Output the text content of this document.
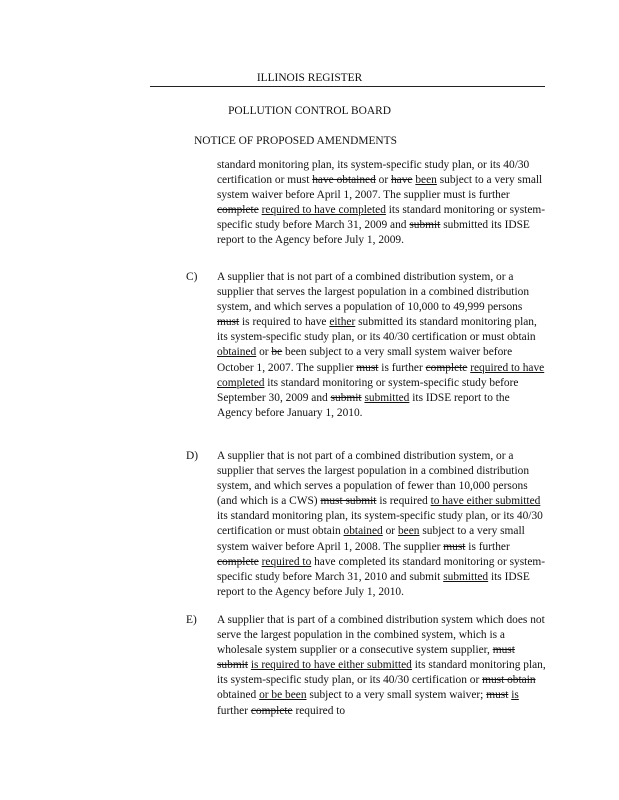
ILLINOIS REGISTER
POLLUTION CONTROL BOARD
NOTICE OF PROPOSED AMENDMENTS
standard monitoring plan, its system-specific study plan, or its 40/30 certification or must have obtained or have been subject to a very small system waiver before April 1, 2007. The supplier must is further complete required to have completed its standard monitoring or system-specific study before March 31, 2009 and submit submitted its IDSE report to the Agency before July 1, 2009.
C) A supplier that is not part of a combined distribution system, or a supplier that serves the largest population in a combined distribution system, and which serves a population of 10,000 to 49,999 persons must is required to have either submitted its standard monitoring plan, its system-specific study plan, or its 40/30 certification or must obtain obtained or be been subject to a very small system waiver before October 1, 2007. The supplier must is further complete required to have completed its standard monitoring or system-specific study before September 30, 2009 and submit submitted its IDSE report to the Agency before January 1, 2010.
D) A supplier that is not part of a combined distribution system, or a supplier that serves the largest population in a combined distribution system, and which serves a population of fewer than 10,000 persons (and which is a CWS) must submit is required to have either submitted its standard monitoring plan, its system-specific study plan, or its 40/30 certification or must obtain obtained or been subject to a very small system waiver before April 1, 2008. The supplier must is further complete required to have completed its standard monitoring or system-specific study before March 31, 2010 and submit submitted its IDSE report to the Agency before July 1, 2010.
E) A supplier that is part of a combined distribution system which does not serve the largest population in the combined system, which is a wholesale system supplier or a consecutive system supplier, must submit is required to have either submitted its standard monitoring plan, its system-specific study plan, or its 40/30 certification or must obtain obtained or be been subject to a very small system waiver; must is further complete required to
